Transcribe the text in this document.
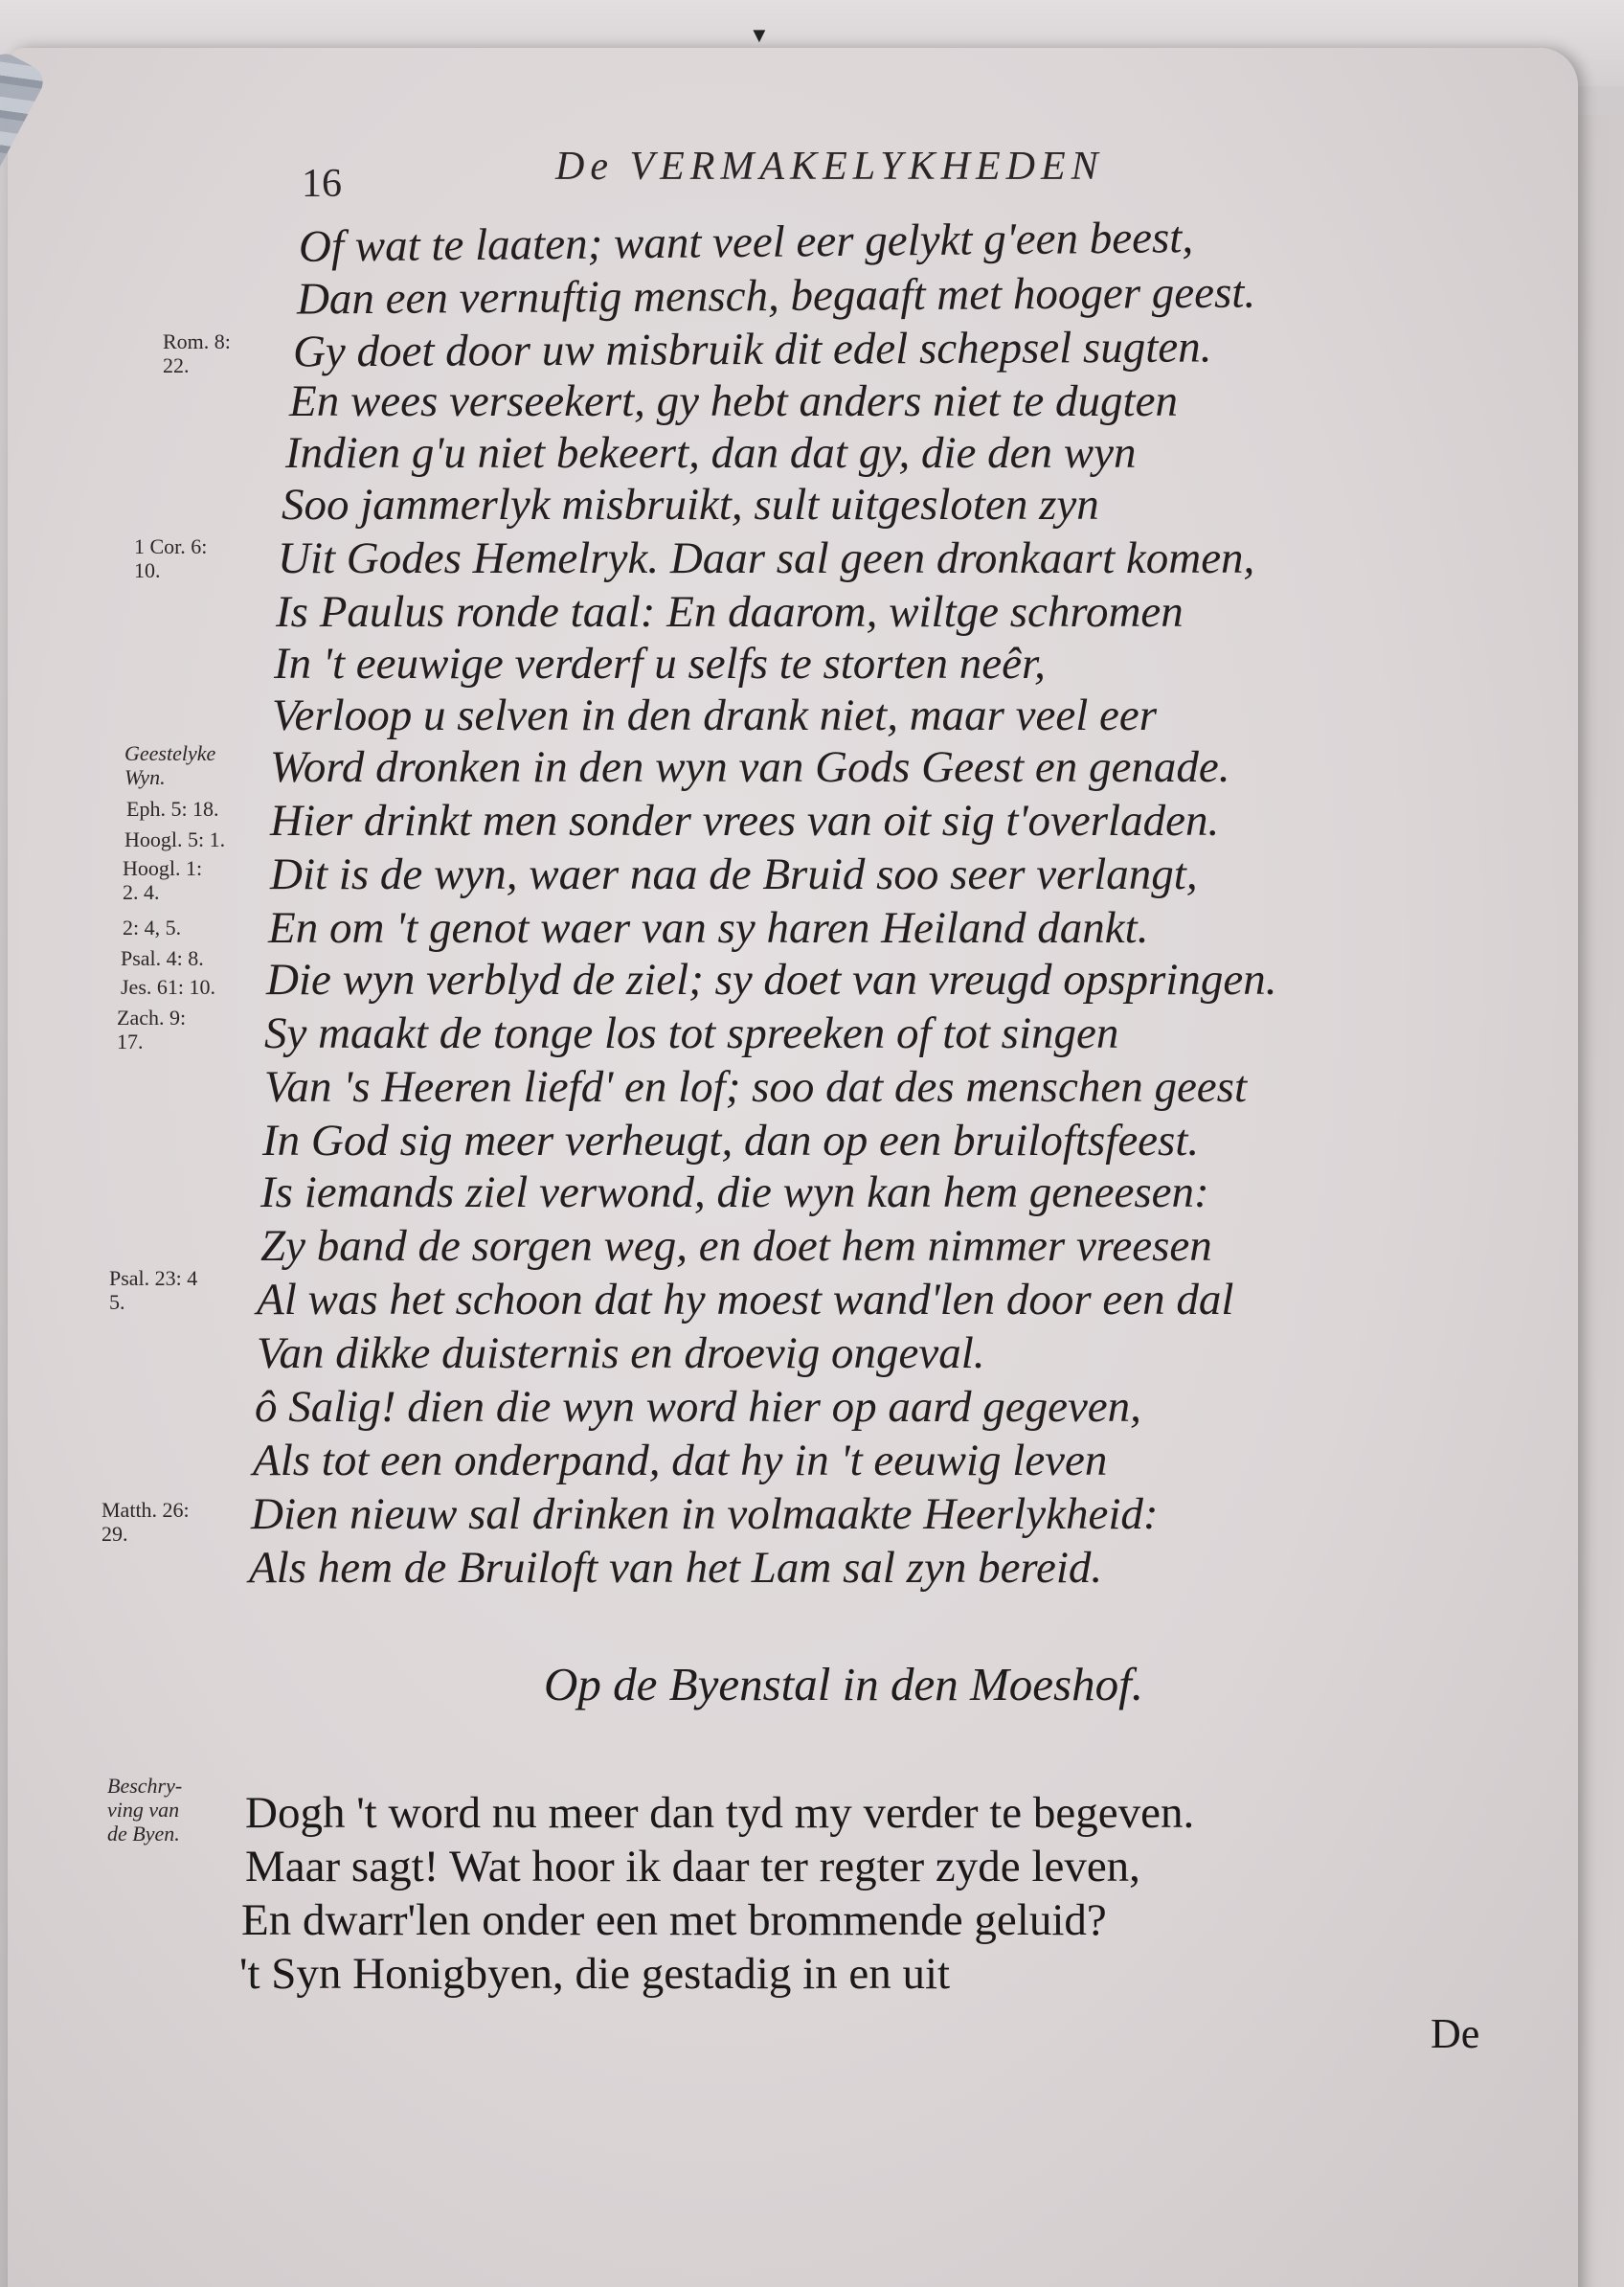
▼
16	De VERMAKELYKHEDEN
Of wat te laaten; want veel eer gelykt g'een beest,
Dan een vernuftig mensch, begaaft met hooger geest.
Gy doet door uw misbruik dit edel schepsel sugten.
En wees verseekert, gy hebt anders niet te dugten
Indien g'u niet bekeert, dan dat gy, die den wyn
Soo jammerlyk misbruikt, sult uitgesloten zyn
Uit Godes Hemelryk. Daar sal geen dronkaart komen,
Is Paulus ronde taal: En daarom, wiltge schromen
In 't eeuwige verderf u selfs te storten neêr,
Verloop u selven in den drank niet, maar veel eer
Word dronken in den wyn van Gods Geest en genade.
Hier drinkt men sonder vrees van oit sig t'overladen.
Dit is de wyn, waer naa de Bruid soo seer verlangt,
En om 't genot waer van sy haren Heiland dankt.
Die wyn verblyd de ziel; sy doet van vreugd opspringen.
Sy maakt de tonge los tot spreeken of tot singen
Van 's Heeren liefd' en lof; soo dat des menschen geest
In God sig meer verheugt, dan op een bruiloftsfeest.
Is iemands ziel verwond, die wyn kan hem geneesen:
Zy band de sorgen weg, en doet hem nimmer vreesen
Al was het schoon dat hy moest wand'len door een dal
Van dikke duisternis en droevig ongeval.
ô Salig! dien die wyn word hier op aard gegeven,
Als tot een onderpand, dat hy in 't eeuwig leven
Dien nieuw sal drinken in volmaakte Heerlykheid:
Als hem de Bruiloft van het Lam sal zyn bereid.
Op de Byenstal in den Moeshof.
Dogh 't word nu meer dan tyd my verder te begeven.
Maar sagt! Wat hoor ik daar ter regter zyde leven,
En dwarr'len onder een met brommende geluid?
't Syn Honigbyen, die gestadig in en uit
De
Rom. 8:
22.
1 Cor. 6:
10.
Geestelyke
Wyn.
Eph. 5: 18.
Hoogl. 5: 1.
Hoogl. 1:
2. 4.
2: 4, 5.
Psal. 4: 8.
Jes. 61: 10.
Zach. 9:
17.
Psal. 23: 4
5.
Matth. 26:
29.
Beschry-
ving van
de Byen.
